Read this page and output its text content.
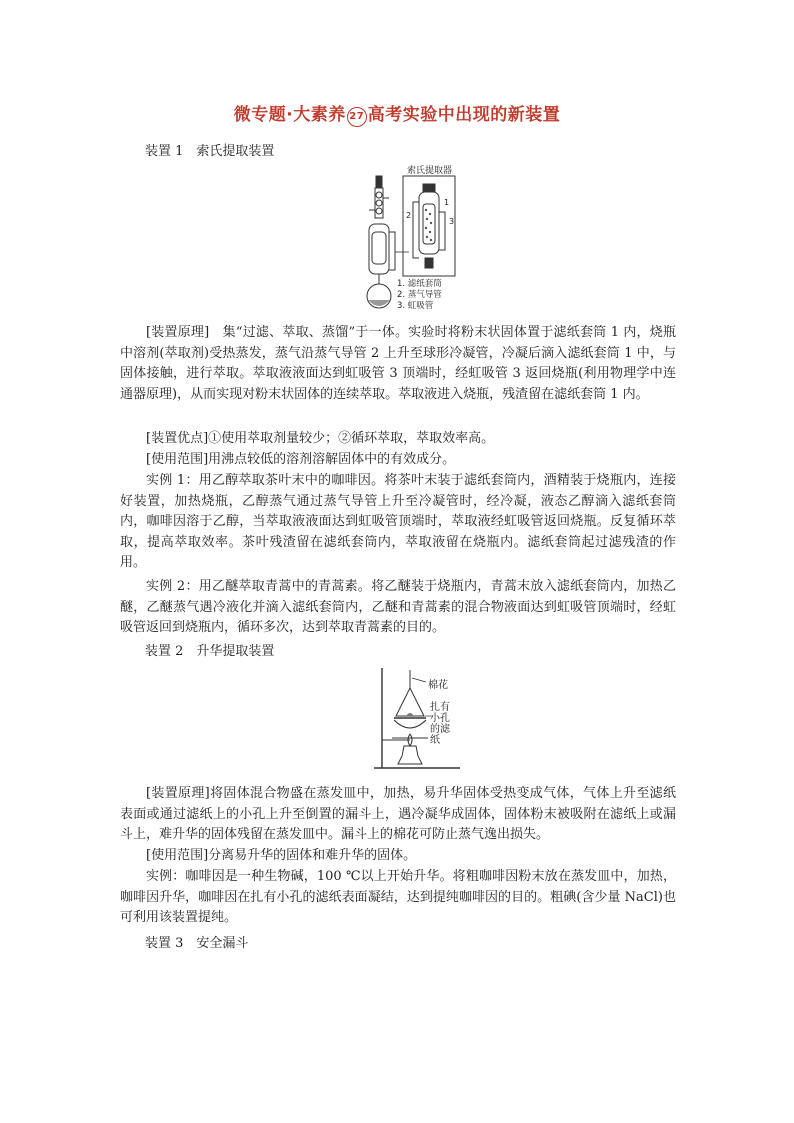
微专题·大素养 27 高考实验中出现的新装置
装置 1　索氏提取装置
索氏提取器
1
2
3
1. 滤纸套筒
2. 蒸气导管
3. 虹吸管

[装置原理]　集“过滤、萃取、蒸馏”于一体。实验时将粉末状固体置于滤纸套筒 1 内，烧瓶中溶剂(萃取剂)受热蒸发，蒸气沿蒸气导管 2 上升至球形冷凝管，冷凝后滴入滤纸套筒 1 中，与固体接触，进行萃取。萃取液液面达到虹吸管 3 顶端时，经虹吸管 3 返回烧瓶(利用物理学中连通器原理)，从而实现对粉末状固体的连续萃取。萃取液进入烧瓶，残渣留在滤纸套筒 1 内。

[装置优点]①使用萃取剂量较少；②循环萃取，萃取效率高。

[使用范围]用沸点较低的溶剂溶解固体中的有效成分。

实例 1：用乙醇萃取茶叶末中的咖啡因。将茶叶末装于滤纸套筒内，酒精装于烧瓶内，连接好装置，加热烧瓶，乙醇蒸气通过蒸气导管上升至冷凝管时，经冷凝，液态乙醇滴入滤纸套筒内，咖啡因溶于乙醇，当萃取液液面达到虹吸管顶端时，萃取液经虹吸管返回烧瓶。反复循环萃取，提高萃取效率。茶叶残渣留在滤纸套筒内，萃取液留在烧瓶内。滤纸套筒起过滤残渣的作用。

实例 2：用乙醚萃取青蒿中的青蒿素。将乙醚装于烧瓶内，青蒿末放入滤纸套筒内，加热乙醚，乙醚蒸气遇冷液化并滴入滤纸套筒内，乙醚和青蒿素的混合物液面达到虹吸管顶端时，经虹吸管返回到烧瓶内，循环多次，达到萃取青蒿素的目的。

装置 2　升华提取装置
棉花
扎有
小孔
的滤
纸

[装置原理]将固体混合物盛在蒸发皿中，加热，易升华固体受热变成气体，气体上升至滤纸表面或通过滤纸上的小孔上升至倒置的漏斗上，遇冷凝华成固体，固体粉末被吸附在滤纸上或漏斗上，难升华的固体残留在蒸发皿中。漏斗上的棉花可防止蒸气逸出损失。

[使用范围]分离易升华的固体和难升华的固体。

实例：咖啡因是一种生物碱，100 ℃以上开始升华。将粗咖啡因粉末放在蒸发皿中，加热，咖啡因升华，咖啡因在扎有小孔的滤纸表面凝结，达到提纯咖啡因的目的。粗碘(含少量 NaCl)也可利用该装置提纯。

装置 3　安全漏斗
